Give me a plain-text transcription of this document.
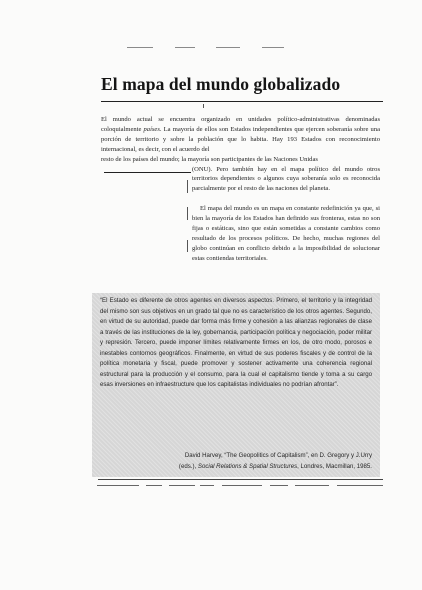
El mapa del mundo globalizado

El mundo actual se encuentra organizado en unidades político-administrativas denominadas coloquialmente países. La mayoría de ellos son Estados independientes que ejercen soberanía sobre una porción de territorio y sobre la población que lo habita. Hay 193 Estados con reconocimiento internacional, es decir, con el acuerdo del

resto de los países del mundo; la mayoría son participantes de las Naciones Unidas

(ONU). Pero también hay en el mapa político del mundo otros territorios dependientes o algunos cuya soberanía solo es reconocida parcialmente por el resto de las naciones del planeta.

El mapa del mundo es un mapa en constante redefinición ya que, si bien la mayoría de los Estados han definido sus fronteras, estas no son fijas o estáticas, sino que están sometidas a constante cambios como resultado de los procesos políticos. De hecho, muchas regiones del globo continúan en conflicto debido a la imposibilidad de solucionar estas contiendas territoriales.

“El Estado es diferente de otros agentes en diversos aspectos. Primero, el territorio y la integridad del mismo son sus objetivos en un grado tal que no es característico de los otros agentes. Segundo, en virtud de su autoridad, puede dar forma más firme y cohesión a las alianzas regionales de clase a través de las instituciones de la ley, gobernancia, participación política y negociación, poder militar y represión. Tercero, puede imponer límites relativamente firmes en los, de otro modo, porosos e inestables contornos geográficos. Finalmente, en virtud de sus poderes fiscales y de control de la política monetaria y fiscal, puede promover y sostener activamente una coherencia regional estructural para la producción y el consumo, para la cual el capitalismo tiende y toma a su cargo esas inversiones en infraestructure que los capitalistas individuales no podrían afrontar”.

David Harvey, “The Geopolitics of Capitalism”, en D. Gregory y J.Urry
(eds.), Social Relations & Spatial Structures, Londres, Macmillan, 1985.
